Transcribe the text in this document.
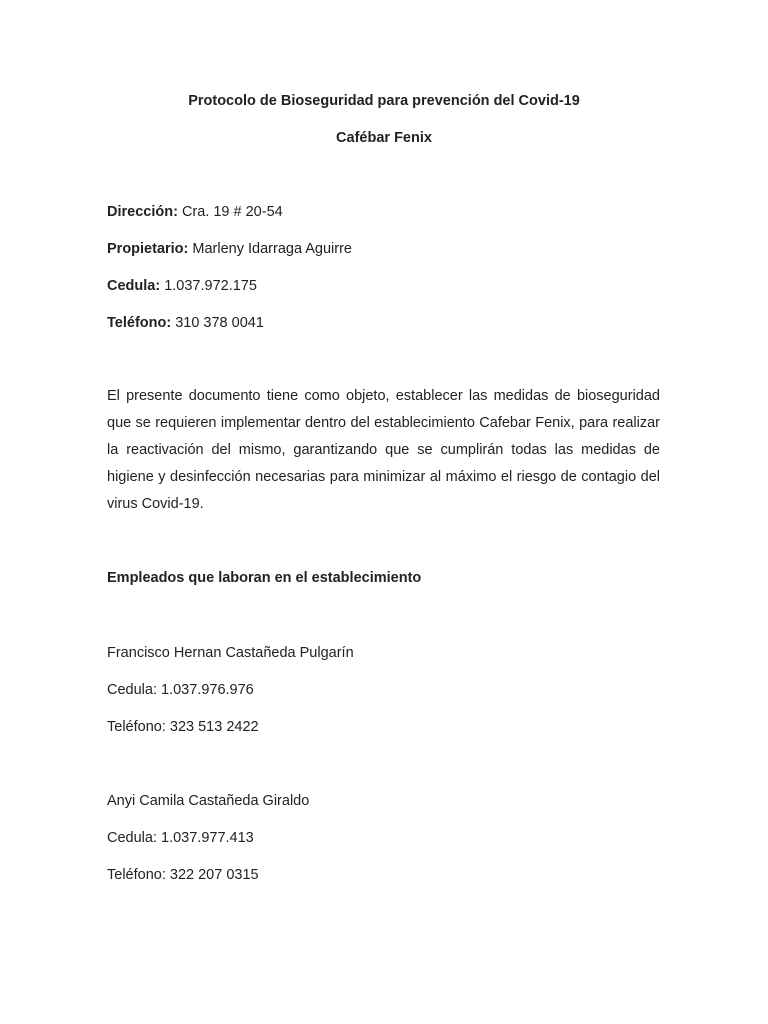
Protocolo de Bioseguridad para prevención del Covid-19
Cafébar Fenix
Dirección: Cra. 19 # 20-54
Propietario: Marleny Idarraga Aguirre
Cedula: 1.037.972.175
Teléfono: 310 378 0041
El presente documento tiene como objeto, establecer las medidas de bioseguridad que se requieren implementar dentro del establecimiento Cafebar Fenix, para realizar la reactivación del mismo, garantizando que se cumplirán todas las medidas de higiene y desinfección necesarias para minimizar al máximo el riesgo de contagio del virus Covid-19.
Empleados que laboran en el establecimiento
Francisco Hernan Castañeda Pulgarín
Cedula: 1.037.976.976
Teléfono: 323 513 2422
Anyi Camila Castañeda Giraldo
Cedula: 1.037.977.413
Teléfono: 322 207 0315
